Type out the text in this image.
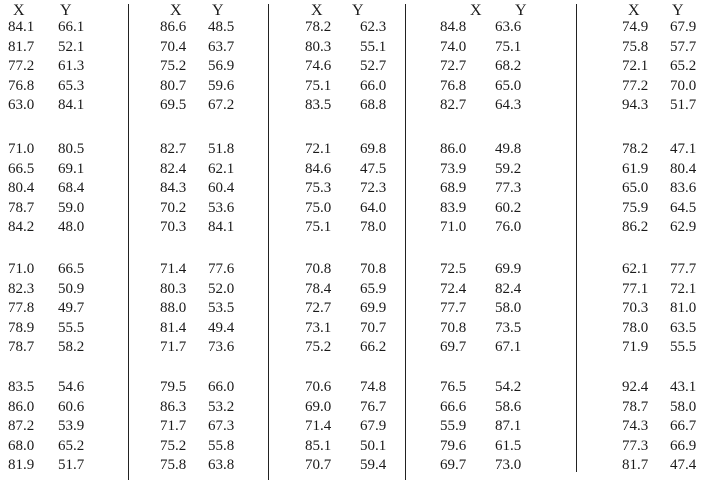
X Y
84.1 66.1
81.7 52.1
77.2 61.3
76.8 65.3
63.0 84.1
71.0 80.5
66.5 69.1
80.4 68.4
78.7 59.0
84.2 48.0
71.0 66.5
82.3 50.9
77.8 49.7
78.9 55.5
78.7 58.2
83.5 54.6
86.0 60.6
87.2 53.9
68.0 65.2
81.9 51.7
X Y
86.6 48.5
70.4 63.7
75.2 56.9
80.7 59.6
69.5 67.2
82.7 51.8
82.4 62.1
84.3 60.4
70.2 53.6
70.3 84.1
71.4 77.6
80.3 52.0
88.0 53.5
81.4 49.4
71.7 73.6
79.5 66.0
86.3 53.2
71.7 67.3
75.2 55.8
75.8 63.8
X Y
78.2 62.3
80.3 55.1
74.6 52.7
75.1 66.0
83.5 68.8
72.1 69.8
84.6 47.5
75.3 72.3
75.0 64.0
75.1 78.0
70.8 70.8
78.4 65.9
72.7 69.9
73.1 70.7
75.2 66.2
70.6 74.8
69.0 76.7
71.4 67.9
85.1 50.1
70.7 59.4
X Y
84.8 63.6
74.0 75.1
72.7 68.2
76.8 65.0
82.7 64.3
86.0 49.8
73.9 59.2
68.9 77.3
83.9 60.2
71.0 76.0
72.5 69.9
72.4 82.4
77.7 58.0
70.8 73.5
69.7 67.1
76.5 54.2
66.6 58.6
55.9 87.1
79.6 61.5
69.7 73.0
X Y
74.9 67.9
75.8 57.7
72.1 65.2
77.2 70.0
94.3 51.7
78.2 47.1
61.9 80.4
65.0 83.6
75.9 64.5
86.2 62.9
62.1 77.7
77.1 72.1
70.3 81.0
78.0 63.5
71.9 55.5
92.4 43.1
78.7 58.0
74.3 66.7
77.3 66.9
81.7 47.4
